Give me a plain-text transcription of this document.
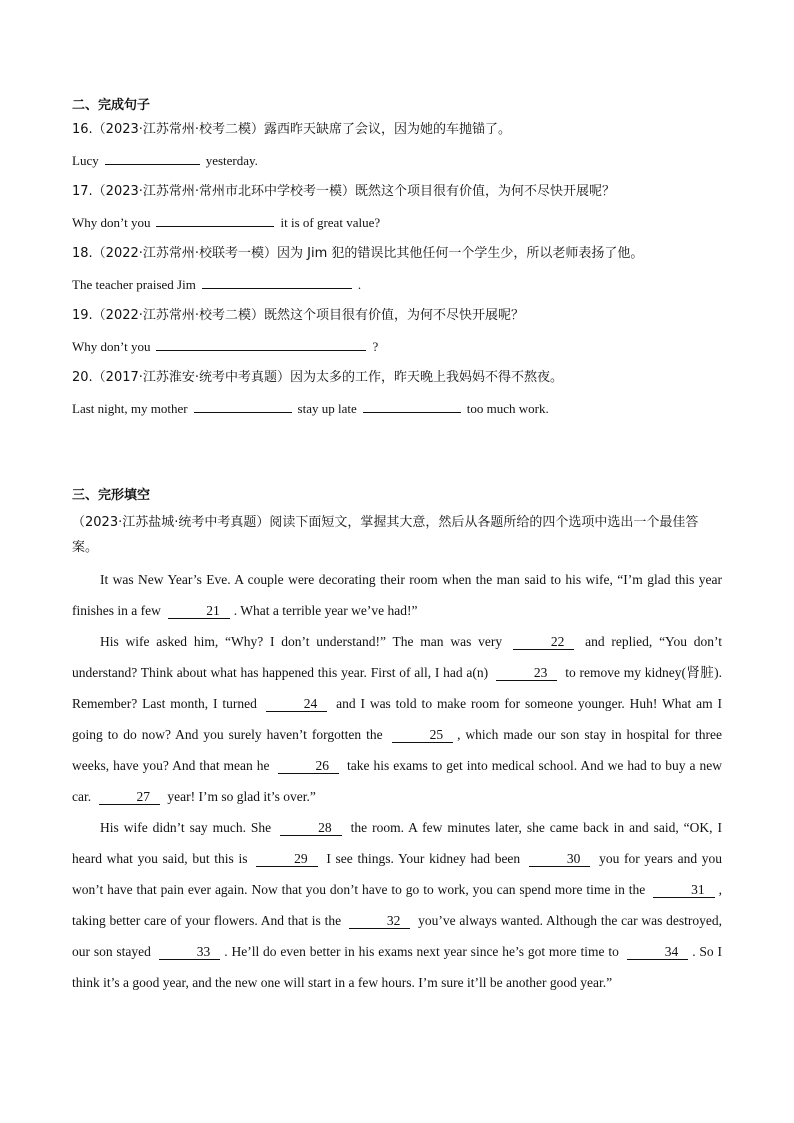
二、完成句子
16.（2023·江苏常州·校考二模）露西昨天缺席了会议，因为她的车抛锚了。
Lucy	yesterday.
17.（2023·江苏常州·常州市北环中学校考一模）既然这个项目很有价值，为何不尽快开展呢？
Why don’t you	it is of great value?
18.（2022·江苏常州·校联考一模）因为 Jim 犯的错误比其他任何一个学生少，所以老师表扬了他。
The teacher praised Jim	.
19.（2022·江苏常州·校考二模）既然这个项目很有价值，为何不尽快开展呢？
Why don’t you	?
20.（2017·江苏淮安·统考中考真题）因为太多的工作，昨天晚上我妈妈不得不熬夜。
Last night, my mother	stay up late	too much work.
三、完形填空
（2023·江苏盐城·统考中考真题）阅读下面短文，掌握其大意，然后从各题所给的四个选项中选出一个最佳答案。

It was New Year’s Eve. A couple were decorating their room when the man said to his wife, “I’m glad this year finishes in a few	21 . What a terrible year we’ve had!”

His wife asked him, “Why? I don’t understand!” The man was very	22 and replied, “You don’t understand? Think about what has happened this year. First of all, I had a(n)	23 to remove my kidney(肾脏). Remember? Last month, I turned	24 and I was told to make room for someone younger. Huh! What am I going to do now? And you surely haven’t forgotten the	25 , which made our son stay in hospital for three weeks, have you? And that mean he	26 take his exams to get into medical school. And we had to buy a new car.	27 year! I’m so glad it’s over.”

His wife didn’t say much. She	28 the room. A few minutes later, she came back in and said, “OK, I heard what you said, but this is	29 I see things. Your kidney had been	30 you for years and you won’t have that pain ever again. Now that you don’t have to go to work, you can spend more time in the	31 , taking better care of your flowers. And that is the	32 you’ve always wanted. Although the car was destroyed, our son stayed	33 . He’ll do even better in his exams next year since he’s got more time to	34 . So I think it’s a good year, and the new one will start in a few hours. I’m sure it’ll be another good year.”
